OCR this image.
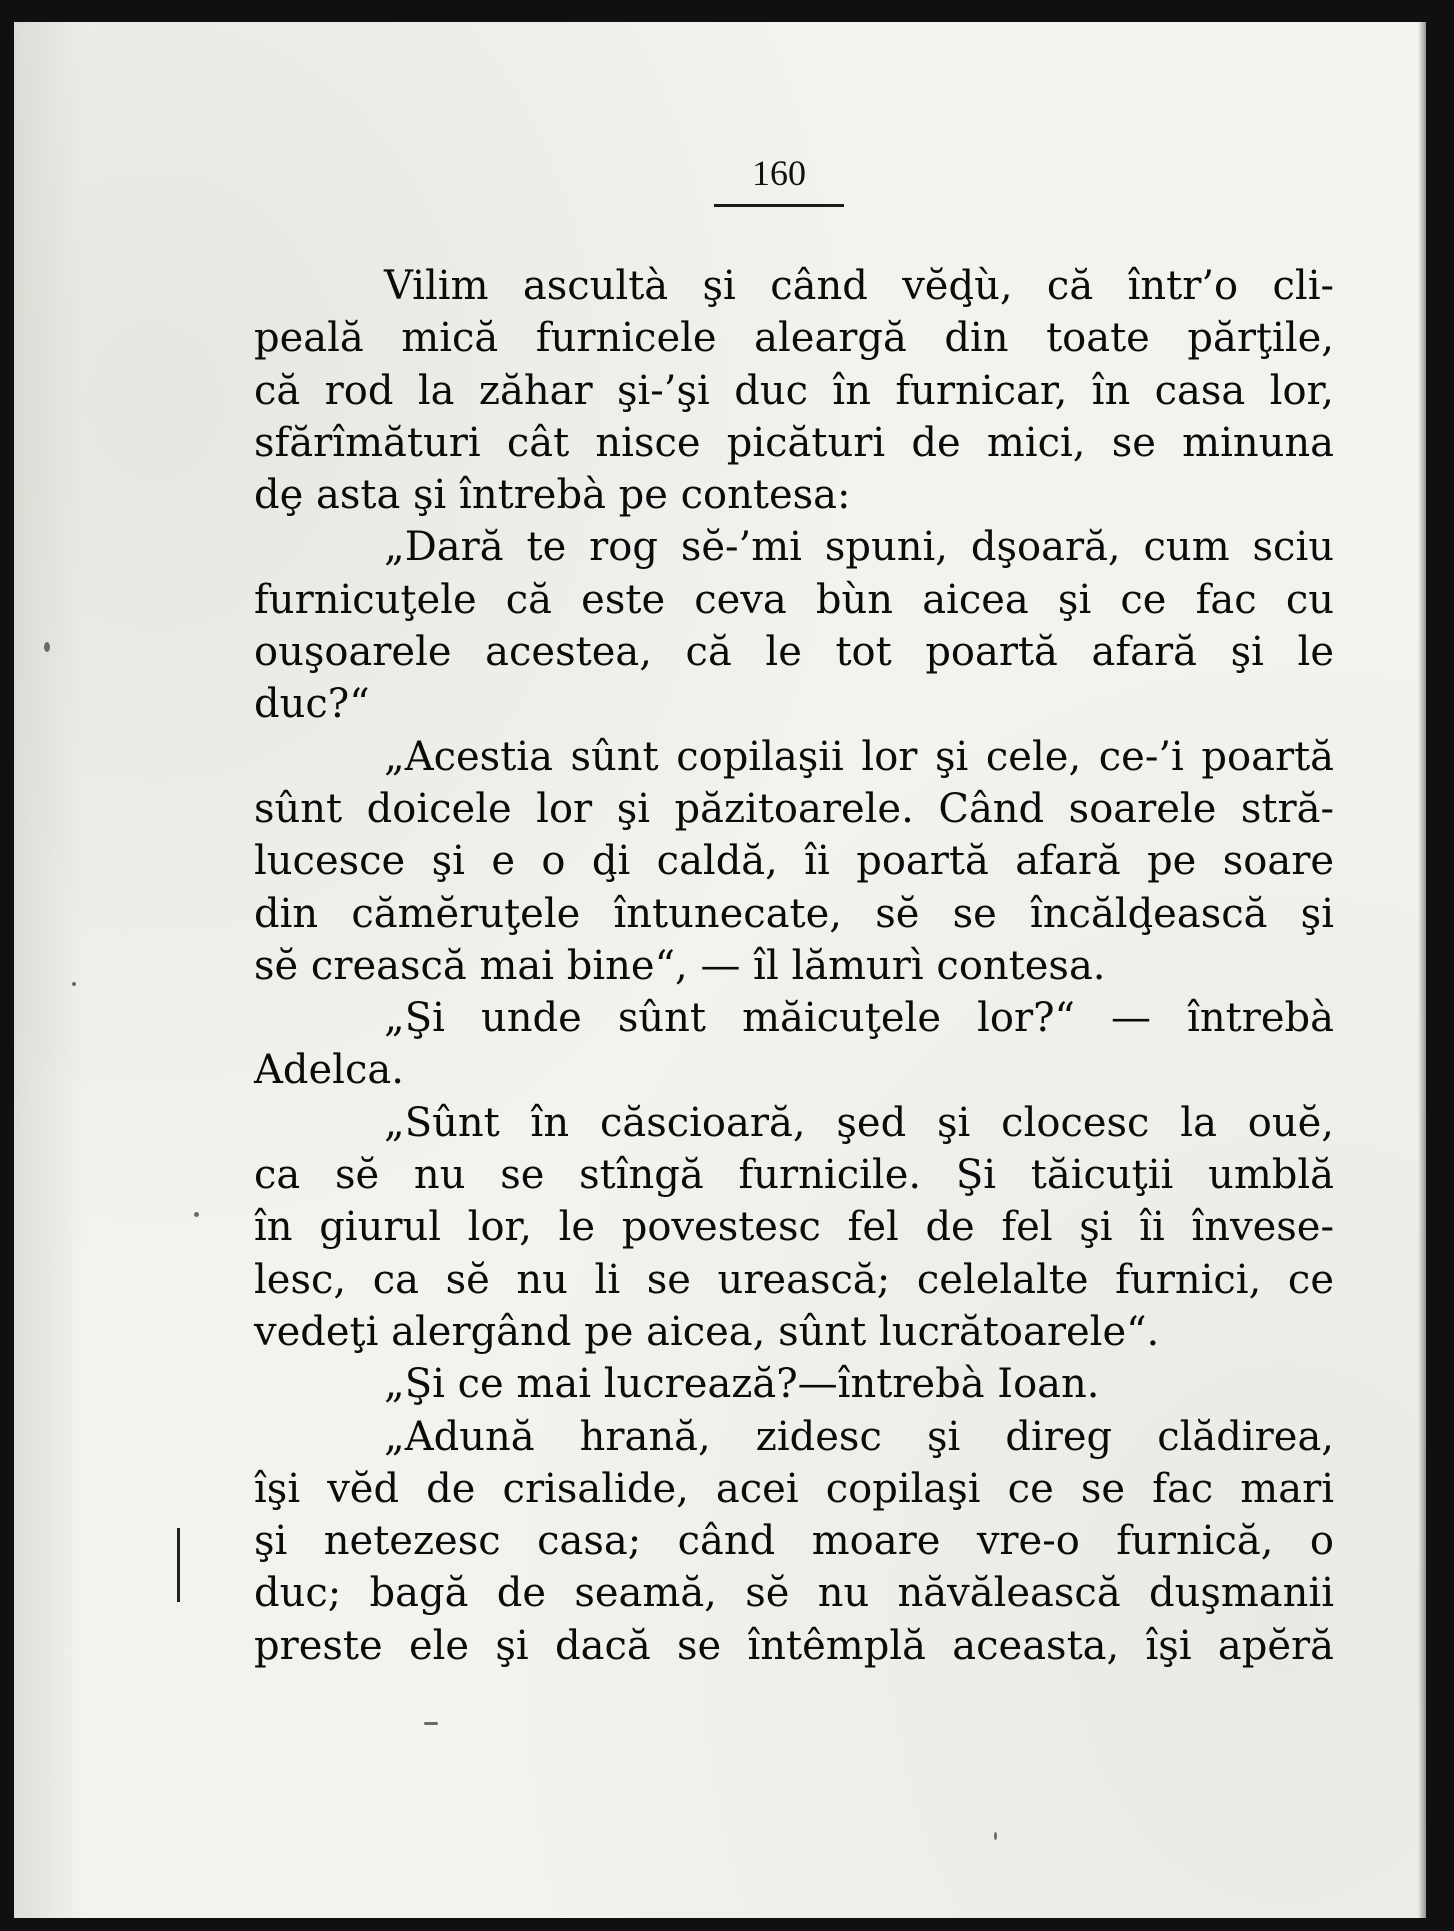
160
Vilim ascultà şi când vĕḑù, că într’o cli-
peală mică furnicele aleargă din toate părţile,
că rod la zăhar şi-’şi duc în furnicar, în casa lor,
sfărîmături cât nisce picături de mici, se minuna
dȩ asta şi întrebà pe contesa:
„Dară te rog sĕ-’mi spuni, dşoară, cum sciu
furnicuţele că este ceva bùn aicea şi ce fac cu
ouşoarele acestea, că le tot poartă afară şi le
duc?“
„Acestia sûnt copilaşii lor şi cele, ce-’i poartă
sûnt doicele lor şi păzitoarele. Când soarele stră-
lucesce şi e o ḑi caldă, îi poartă afară pe soare
din cămĕruţele întunecate, sĕ se încălḑească şi
sĕ crească mai bine“, — îl lămurì contesa.
„Şi unde sûnt măicuţele lor?“ — întrebà
Adelca.
„Sûnt în căscioară, şed şi clocesc la ouĕ,
ca sĕ nu se stîngă furnicile. Şi tăicuţii umblă
în giurul lor, le povestesc fel de fel şi îi învese-
lesc, ca sĕ nu li se urească; celelalte furnici, ce
vedeţi alergând pe aicea, sûnt lucrătoarele“.
„Şi ce mai lucrează?—întrebà Ioan.
„Adună hrană, zidesc şi direg clădirea,
îşi vĕd de crisalide, acei copilaşi ce se fac mari
şi netezesc casa; când moare vre-o furnică, o
duc; bagă de seamă, sĕ nu năvălească duşmanii
preste ele şi dacă se întêmplă aceasta, îşi apĕră
